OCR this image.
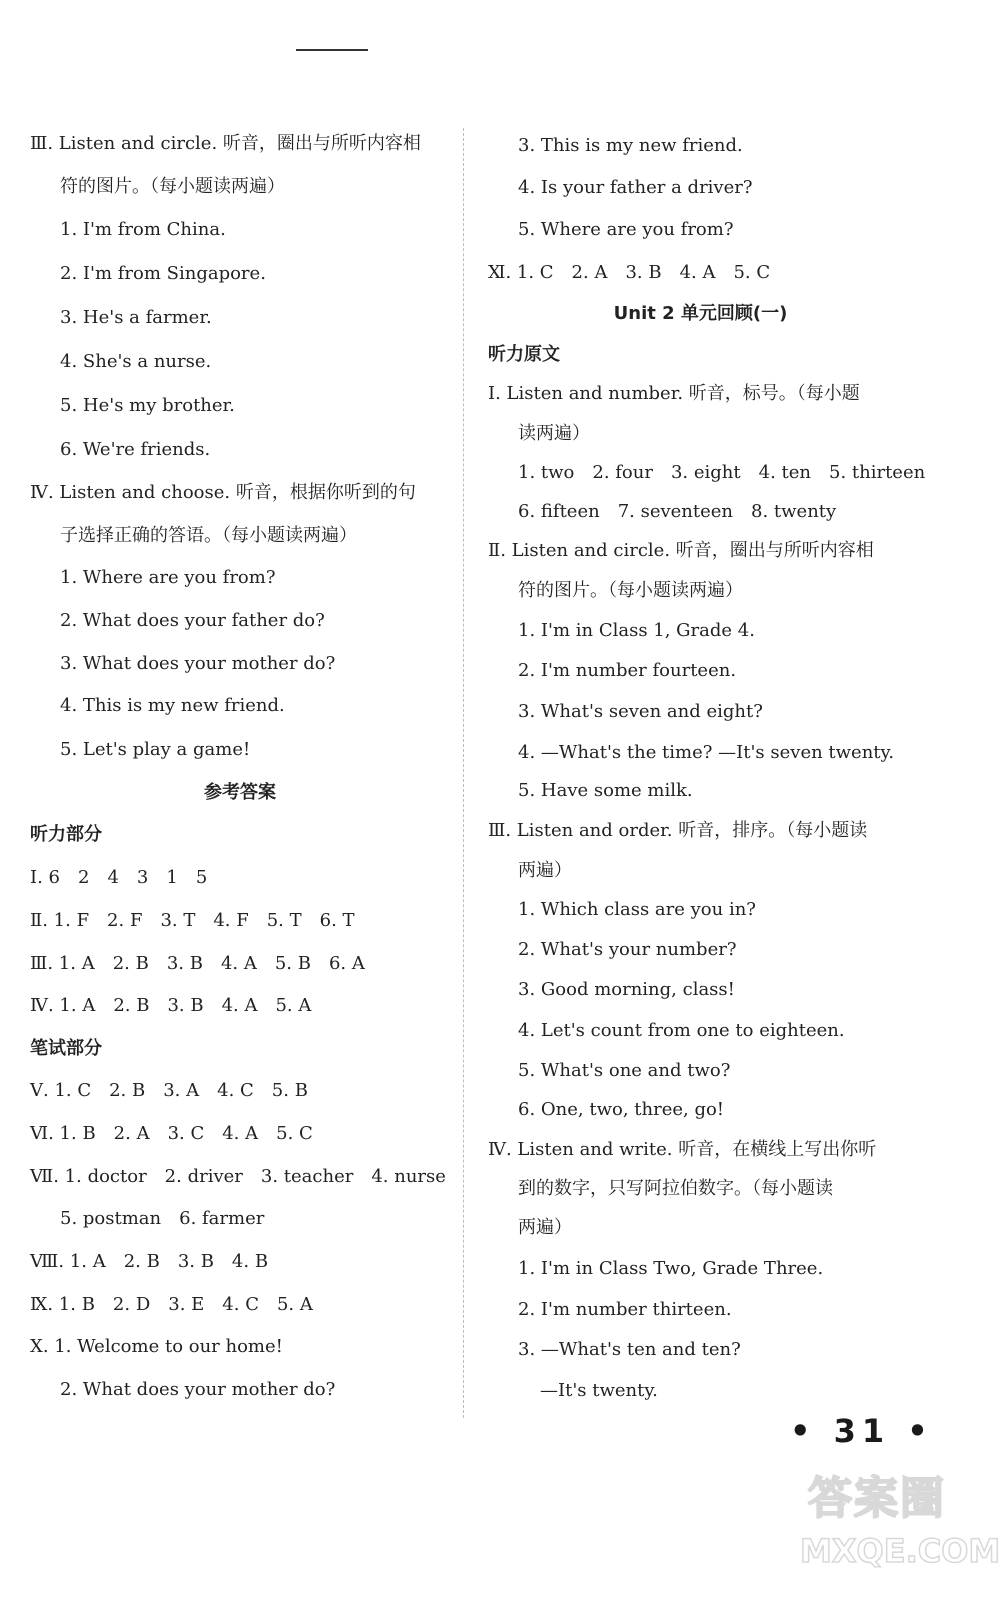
Ⅲ. Listen and circle. 听音，圈出与所听内容相
符的图片。（每小题读两遍）
1. I'm from China.
2. I'm from Singapore.
3. He's a farmer.
4. She's a nurse.
5. He's my brother.
6. We're friends.
Ⅳ. Listen and choose. 听音，根据你听到的句
子选择正确的答语。（每小题读两遍）
1. Where are you from?
2. What does your father do?
3. What does your mother do?
4. This is my new friend.
5. Let's play a game!
参考答案
听力部分
Ⅰ. 6　2　4　3　1　5
Ⅱ. 1. F　2. F　3. T　4. F　5. T　6. T
Ⅲ. 1. A　2. B　3. B　4. A　5. B　6. A
Ⅳ. 1. A　2. B　3. B　4. A　5. A
笔试部分
Ⅴ. 1. C　2. B　3. A　4. C　5. B
Ⅵ. 1. B　2. A　3. C　4. A　5. C
Ⅶ. 1. doctor　2. driver　3. teacher　4. nurse
5. postman　6. farmer
Ⅷ. 1. A　2. B　3. B　4. B
Ⅸ. 1. B　2. D　3. E　4. C　5. A
Ⅹ. 1. Welcome to our home!
2. What does your mother do?
3. This is my new friend.
4. Is your father a driver?
5. Where are you from?
Ⅺ. 1. C　2. A　3. B　4. A　5. C
Unit 2 单元回顾(一)
听力原文
Ⅰ. Listen and number. 听音，标号。（每小题
读两遍）
1. two　2. four　3. eight　4. ten　5. thirteen
6. fifteen　7. seventeen　8. twenty
Ⅱ. Listen and circle. 听音，圈出与所听内容相
符的图片。（每小题读两遍）
1. I'm in Class 1, Grade 4.
2. I'm number fourteen.
3. What's seven and eight?
4. —What's the time? —It's seven twenty.
5. Have some milk.
Ⅲ. Listen and order. 听音，排序。（每小题读
两遍）
1. Which class are you in?
2. What's your number?
3. Good morning, class!
4. Let's count from one to eighteen.
5. What's one and two?
6. One, two, three, go!
Ⅳ. Listen and write. 听音，在横线上写出你听
到的数字，只写阿拉伯数字。（每小题读
两遍）
1. I'm in Class Two, Grade Three.
2. I'm number thirteen.
3. —What's ten and ten?
—It's twenty.
• 31 •
答案圈
MXQE.COM
